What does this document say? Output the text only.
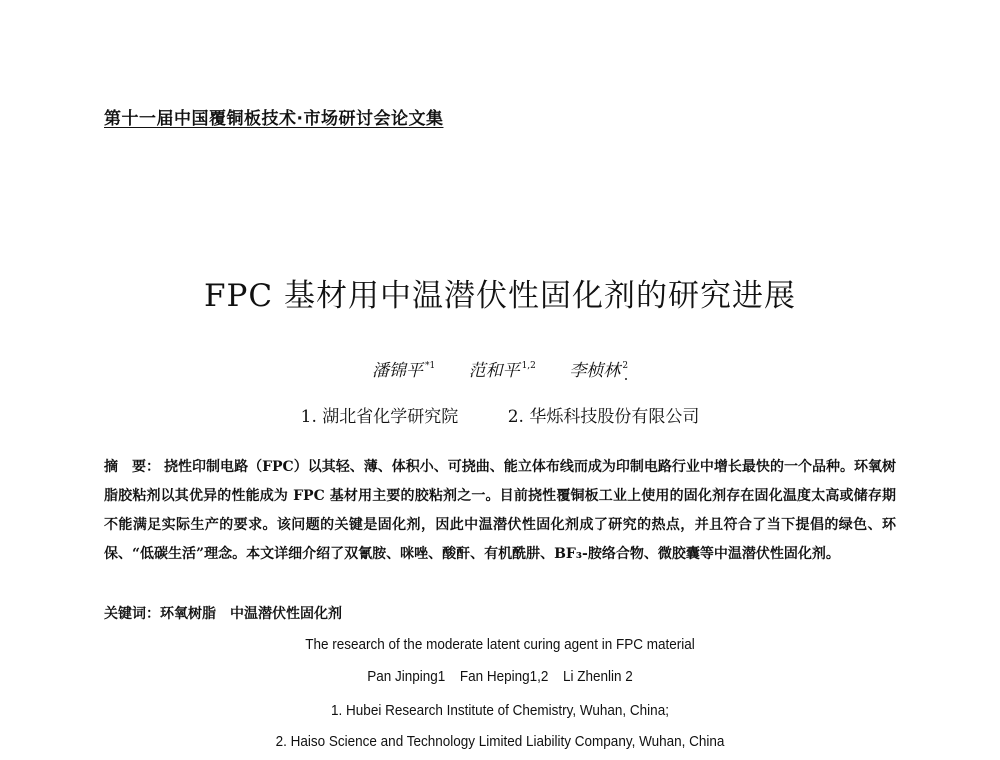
第十一届中国覆铜板技术·市场研讨会论文集
FPC 基材用中温潜伏性固化剂的研究进展
潘锦平 $^{*1}$ 范和平 $^{1,2}$ 李桢林 $^2$
1. 湖北省化学研究院	2. 华烁科技股份有限公司
摘　要： 挠性印制电路（FPC）以其轻、薄、体积小、可挠曲、能立体布线而成为印制电路行业中增长最快的一个品种。环氧树脂胶粘剂以其优异的性能成为 FPC 基材用主要的胶粘剂之一。目前挠性覆铜板工业上使用的固化剂存在固化温度太高或储存期不能满足实际生产的要求。该问题的关键是固化剂，因此中温潜伏性固化剂成了研究的热点，并且符合了当下提倡的绿色、环保、“低碳生活”理念。本文详细介绍了双氰胺、咪唑、酸酐、有机酰肼、BF₃-胺络合物、微胶囊等中温潜伏性固化剂。
关键词：环氧树脂 中温潜伏性固化剂
The research of the moderate latent curing agent in FPC material
Pan Jinping1 Fan Heping1,2 Li Zhenlin 2
1. Hubei Research Institute of Chemistry, Wuhan, China;
2. Haiso Science and Technology Limited Liability Company, Wuhan, China
